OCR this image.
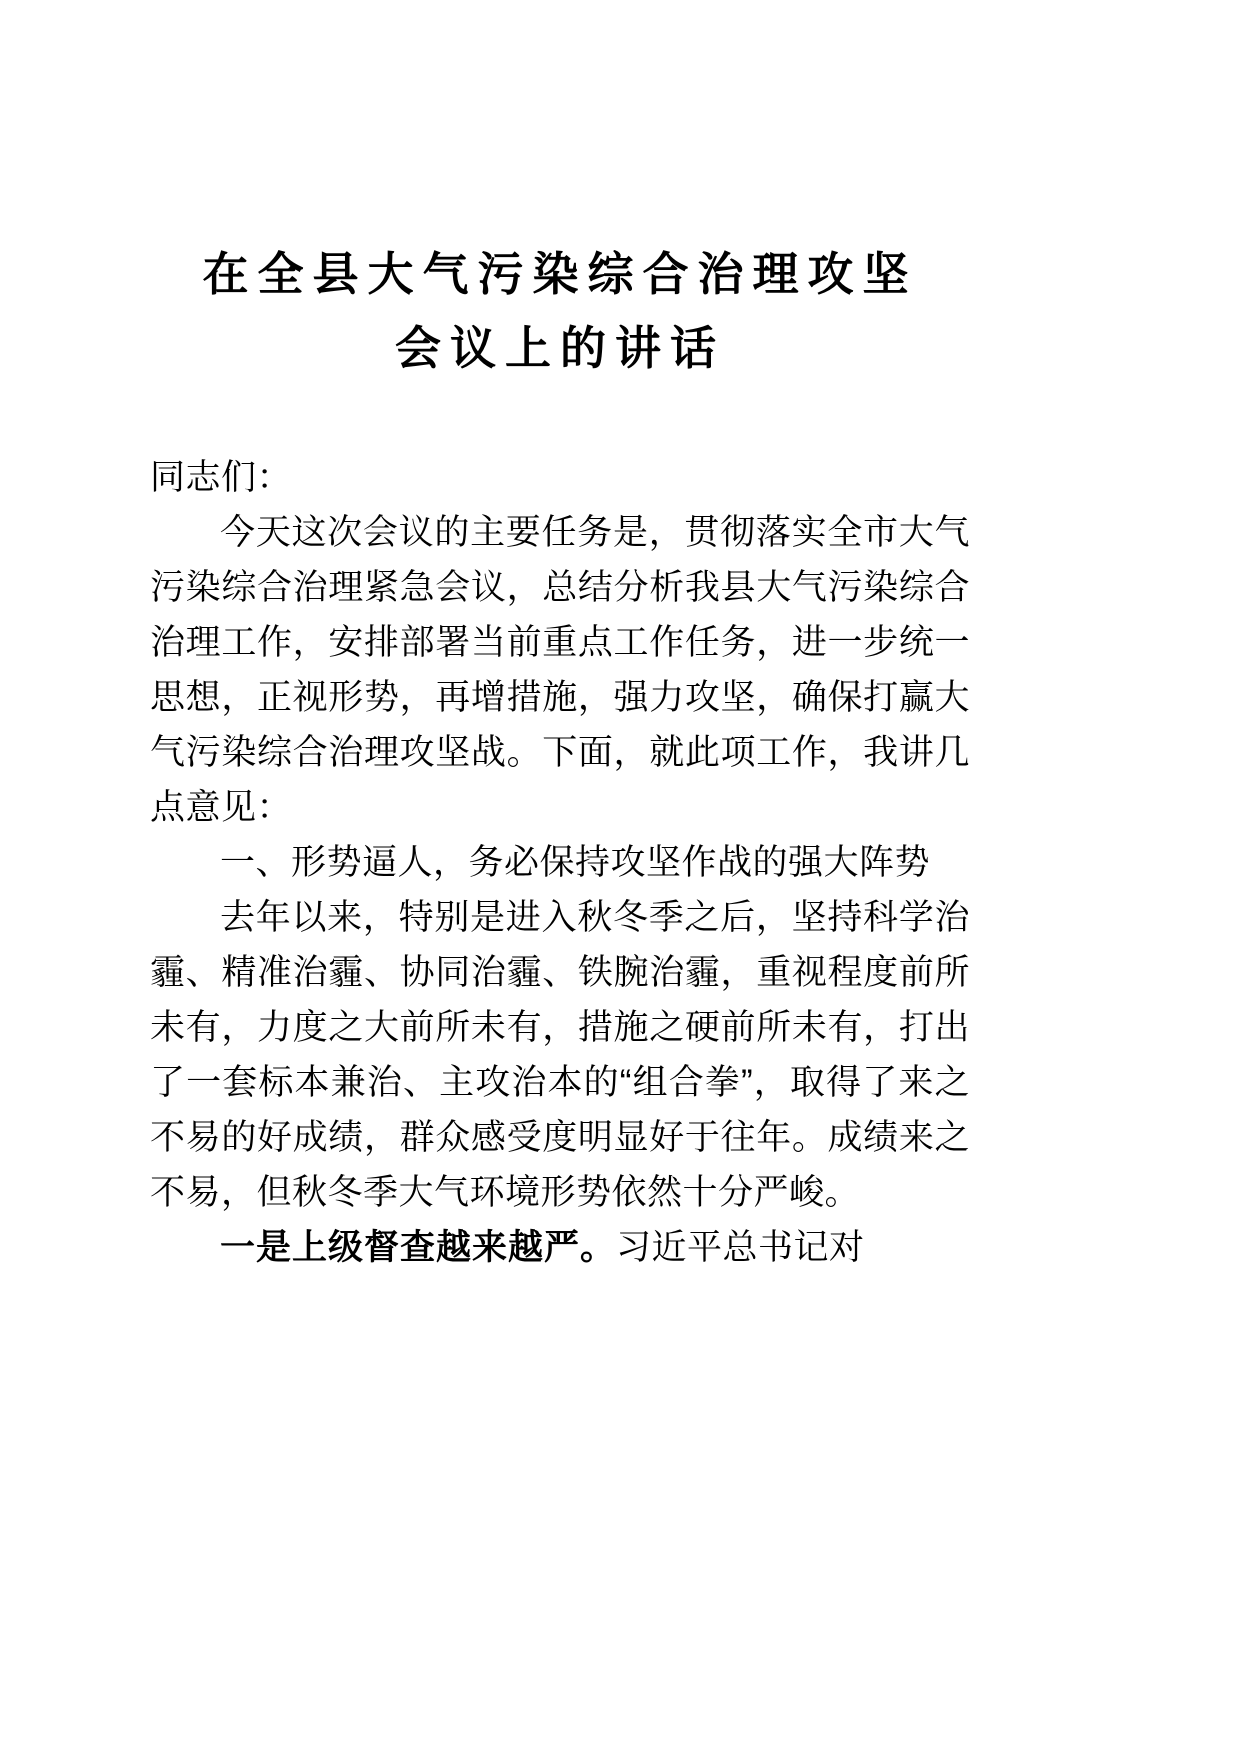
在全县大气污染综合治理攻坚
会议上的讲话

同志们：

今天这次会议的主要任务是，贯彻落实全市大气污染综合治理紧急会议，总结分析我县大气污染综合治理工作，安排部署当前重点工作任务，进一步统一思想，正视形势，再增措施，强力攻坚，确保打赢大气污染综合治理攻坚战。下面，就此项工作，我讲几点意见：

一、形势逼人，务必保持攻坚作战的强大阵势

去年以来，特别是进入秋冬季之后，坚持科学治霾、精准治霾、协同治霾、铁腕治霾，重视程度前所未有，力度之大前所未有，措施之硬前所未有，打出了一套标本兼治、主攻治本的“组合拳”，取得了来之不易的好成绩，群众感受度明显好于往年。成绩来之不易，但秋冬季大气环境形势依然十分严峻。

一是上级督查越来越严。习近平总书记对
